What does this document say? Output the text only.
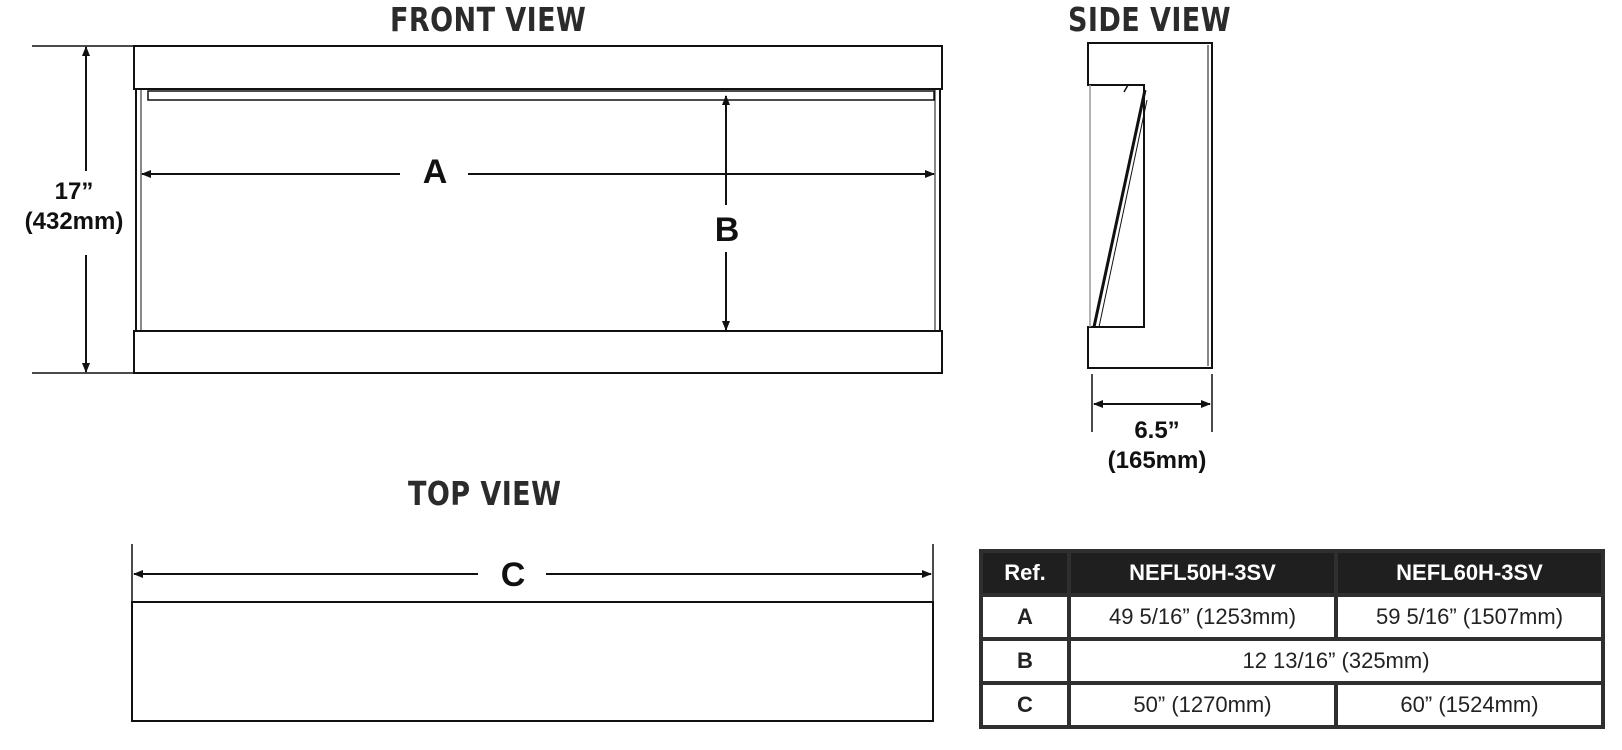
FRONT VIEW	SIDE VIEW
TOP VIEW
17”
(432mm)
A
B
C
6.5”
(165mm)
Ref.	NEFL50H-3SV	NEFL60H-3SV
A	49 5/16” (1253mm)	59 5/16” (1507mm)
B	12 13/16” (325mm)	
C	50” (1270mm)	60” (1524mm)
